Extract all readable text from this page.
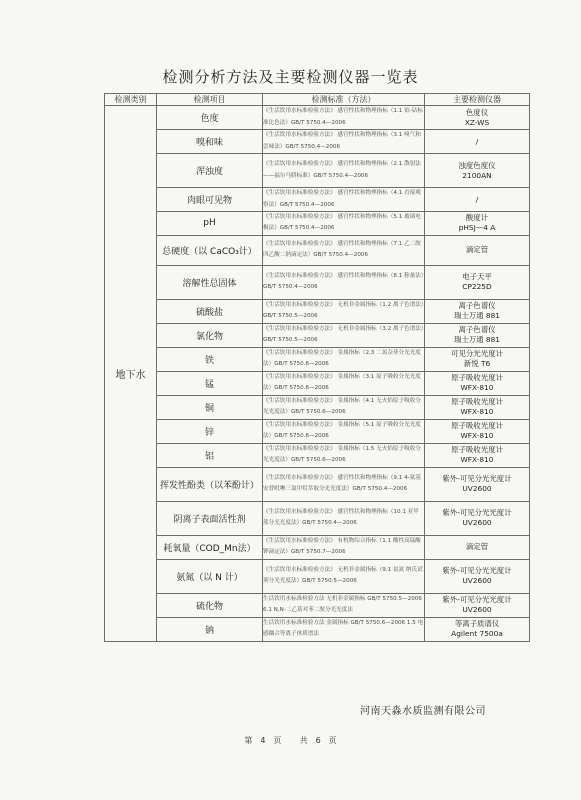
检测分析方法及主要检测仪器一览表
检测类别	检测项目	检测标准（方法）	主要检测仪器
地下水	色度	《生活饮用水标准检验方法》 感官性状和物理指标（1.1 铂-钴标准比色法）GB/T 5750.4—2006	色度仪
XZ-WS

	嗅和味	《生活饮用水标准检验方法》 感官性状和物理指标（3.1 嗅气和尝味法）GB/T 5750.4—2006	/

	浑浊度	《生活饮用水标准检验方法》 感官性状和物理指标（2.1 散射法——福尔马肼标准）GB/T 5750.4—2006	浊度色度仪
2100AN

	肉眼可见物	《生活饮用水标准检验方法》 感官性状和物理指标（4.1 直接观察法）GB/T 5750.4—2006	/

	pH	《生活饮用水标准检验方法》 感官性状和物理指标（5.1 玻璃电极法）GB/T 5750.4—2006	酸度计
pHSJ—4 A

	总硬度（以 CaCO₃计）	《生活饮用水标准检验方法》 感官性状和物理指标（7.1 乙二胺四乙酸二钠滴定法）GB/T 5750.4—2006	滴定管

	溶解性总固体	《生活饮用水标准检验方法》 感官性状和物理指标（8.1 称量法）GB/T 5750.4—2006	电子天平
CP225D

	硫酸盐	《生活饮用水标准检验方法》 无机非金属指标（1.2 离子色谱法）GB/T 5750.5—2006	离子色谱仪
瑞士万通 881

	氯化物	《生活饮用水标准检验方法》 无机非金属指标（3.2 离子色谱法）GB/T 5750.5—2006	离子色谱仪
瑞士万通 881

	铁	《生活饮用水标准检验方法》 金属指标（2.3 二氮杂菲分光光度法）GB/T 5750.6—2006	可见分光光度计
新悦 T6

	锰	《生活饮用水标准检验方法》 金属指标（3.1 原子吸收分光光度法）GB/T 5750.6—2006	原子吸收光度计
WFX-810

	铜	《生活饮用水标准检验方法》 金属指标（4.1 无火焰原子吸收分光光度法）GB/T 5750.6—2006	原子吸收光度计
WFX-810

	锌	《生活饮用水标准检验方法》 金属指标（5.1 原子吸收分光光度法）GB/T 5750.6—2006	原子吸收光度计
WFX-810

	铝	《生活饮用水标准检验方法》 金属指标（1.5 无火焰原子吸收分光光度法）GB/T 5750.6—2006	原子吸收光度计
WFX-810

	挥发性酚类（以苯酚计）	《生活饮用水标准检验方法》 感官性状和物理指标（9.1 4-氨基安替吡啉三氯甲烷萃取分光光度法）GB/T 5750.4—2006	紫外-可见分光光度计
UV2600

	阴离子表面活性剂	《生活饮用水标准检验方法》 感官性状和物理指标（10.1 亚甲蓝分光光度法）GB/T 5750.4—2006	紫外-可见分光光度计
UV2600

	耗氧量（COD_Mn法）	《生活饮用水标准检验方法》 有机物综合指标（1.1 酸性高锰酸钾滴定法）GB/T 5750.7—2006	滴定管

	氨氮（以 N 计）	《生活饮用水标准检验方法》 无机非金属指标（9.1 氨氮 纳氏试剂分光光度法）GB/T 5750.5—2006	紫外-可见分光光度计
UV2600

	硫化物	生活饮用水标准检验方法 无机非金属指标 GB/T 5750.5—2006 6.1 N,N-二乙基对苯二胺分光光度法	紫外-可见分光光度计
UV2600

	钠	生活饮用水标准检验方法 金属指标 GB/T 5750.6—2006 1.5 电感耦合等离子体质谱法	等离子质谱仪
Agilent 7500a
河南天淼水质监测有限公司
第 4 页 共 6 页
